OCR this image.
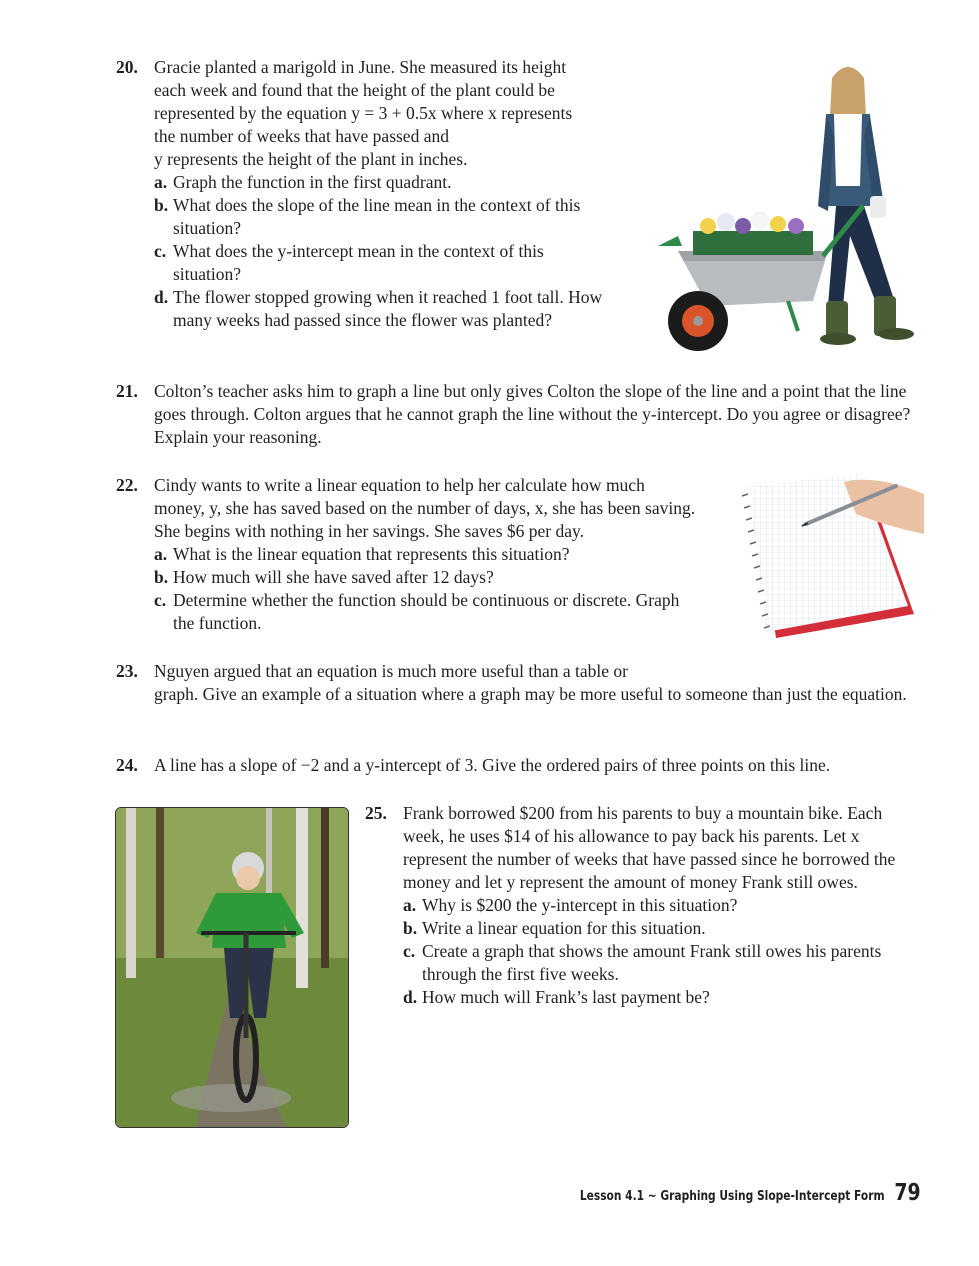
20. Gracie planted a marigold in June. She measured its height
each week and found that the height of the plant could be
represented by the equation y = 3 + 0.5x where x represents
the number of weeks that have passed and
y represents the height of the plant in inches.
a. Graph the function in the first quadrant.
b. What does the slope of the line mean in the context of this situation?
c. What does the y-intercept mean in the context of this situation?
d. The flower stopped growing when it reached 1 foot tall. How many weeks had passed since the flower was planted?
21. Colton’s teacher asks him to graph a line but only gives Colton the slope of the line and a point that the line goes through. Colton argues that he cannot graph the line without the y-intercept. Do you agree or disagree? Explain your reasoning.
22. Cindy wants to write a linear equation to help her calculate how much money, y, she has saved based on the number of days, x, she has been saving. She begins with nothing in her savings. She saves $6 per day.
a. What is the linear equation that represents this situation?
b. How much will she have saved after 12 days?
c. Determine whether the function should be continuous or discrete. Graph the function.
23. Nguyen argued that an equation is much more useful than a table or
graph. Give an example of a situation where a graph may be more useful to someone than just the equation.
24. A line has a slope of −2 and a y-intercept of 3. Give the ordered pairs of three points on this line.
25. Frank borrowed $200 from his parents to buy a mountain bike. Each week, he uses $14 of his allowance to pay back his parents. Let x represent the number of weeks that have passed since he borrowed the money and let y represent the amount of money Frank still owes.
a. Why is $200 the y-intercept in this situation?
b. Write a linear equation for this situation.
c. Create a graph that shows the amount Frank still owes his parents through the first five weeks.
d. How much will Frank’s last payment be?
Lesson 4.1 ~ Graphing Using Slope-Intercept Form 79
